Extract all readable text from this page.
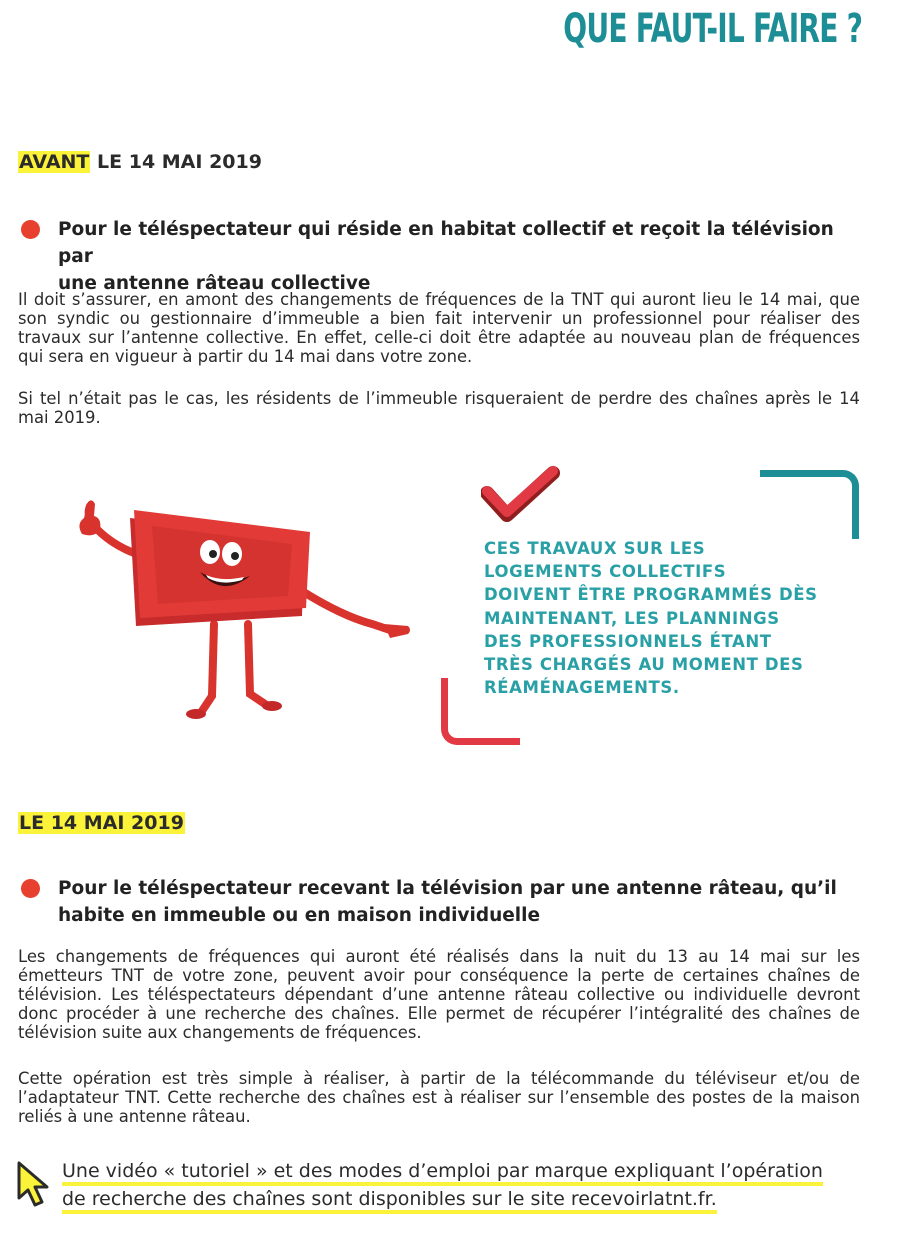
QUE FAUT-IL FAIRE ?
AVANT LE 14 MAI 2019
Pour le téléspectateur qui réside en habitat collectif et reçoit la télévision par
une antenne râteau collective
Il doit s’assurer, en amont des changements de fréquences de la TNT qui auront lieu le 14 mai, que son syndic ou gestionnaire d’immeuble a bien fait intervenir un professionnel pour réaliser des travaux sur l’antenne collective. En effet, celle-ci doit être adaptée au nouveau plan de fréquences qui sera en vigueur à partir du 14 mai dans votre zone.
Si tel n’était pas le cas, les résidents de l’immeuble risqueraient de perdre des chaînes après le 14 mai 2019.
CES TRAVAUX SUR LES
LOGEMENTS COLLECTIFS
DOIVENT ÊTRE PROGRAMMÉS DÈS
MAINTENANT, LES PLANNINGS
DES PROFESSIONNELS ÉTANT
TRÈS CHARGÉS AU MOMENT DES
RÉAMÉNAGEMENTS.
LE 14 MAI 2019
Pour le téléspectateur recevant la télévision par une antenne râteau, qu’il
habite en immeuble ou en maison individuelle
Les changements de fréquences qui auront été réalisés dans la nuit du 13 au 14 mai sur les émetteurs TNT de votre zone, peuvent avoir pour conséquence la perte de certaines chaînes de télévision. Les téléspectateurs dépendant d’une antenne râteau collective ou individuelle devront donc procéder à une recherche des chaînes. Elle permet de récupérer l’intégralité des chaînes de télévision suite aux changements de fréquences.
Cette opération est très simple à réaliser, à partir de la télécommande du téléviseur et/ou de l’adaptateur TNT. Cette recherche des chaînes est à réaliser sur l’ensemble des postes de la maison reliés à une antenne râteau.
Une vidéo « tutoriel » et des modes d’emploi par marque expliquant l’opération
de recherche des chaînes sont disponibles sur le site recevoirlatnt.fr.
